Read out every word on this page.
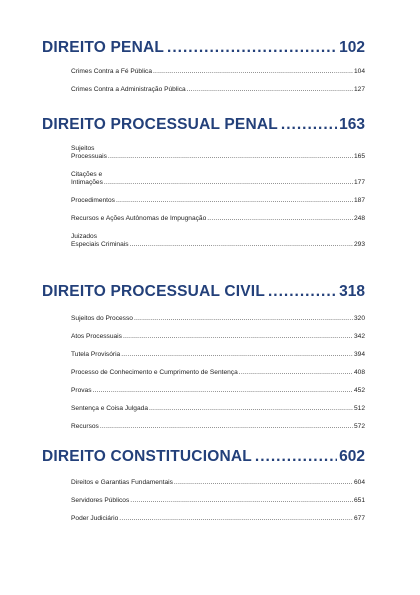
DIREITO PENAL .....	102
Crimes Contra a Fé Pública .....	104
Crimes Contra a Administração Pública .....	127
DIREITO PROCESSUAL PENAL .....	163
Sujeitos
Processuais .....	165
Citações e
Intimações .....	177
Procedimentos .....	187
Recursos e Ações Autônomas de Impugnação .....	248
Juizados
Especiais Criminais .....	293
DIREITO PROCESSUAL CIVIL .....	318
Sujeitos do Processo .....	320
Atos Processuais .....	342
Tutela Provisória .....	394
Processo de Conhecimento e Cumprimento de Sentença .....	408
Provas .....	452
Sentença e Coisa Julgada .....	512
Recursos .....	572
DIREITO CONSTITUCIONAL .....	602
Direitos e Garantias Fundamentais .....	604
Servidores Públicos .....	651
Poder Judiciário .....	677
